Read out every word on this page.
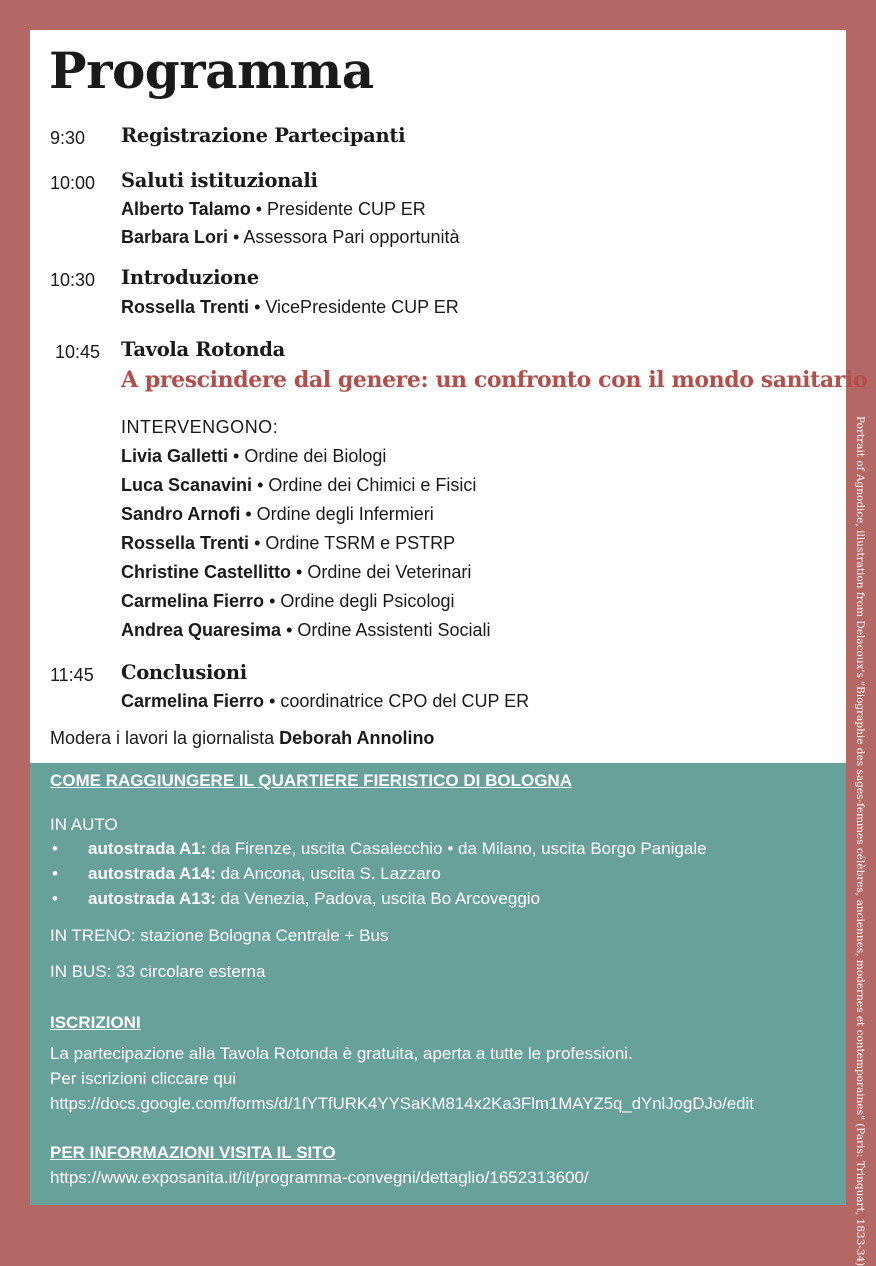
Programma
9:30 Registrazione Partecipanti
10:00 Saluti istituzionali
Alberto Talamo • Presidente CUP ER
Barbara Lori • Assessora Pari opportunità
10:30 Introduzione
Rossella Trenti • VicePresidente CUP ER
10:45 Tavola Rotonda
A prescindere dal genere: un confronto con il mondo sanitario
INTERVENGONO:
Livia Galletti • Ordine dei Biologi
Luca Scanavini • Ordine dei Chimici e Fisici
Sandro Arnofi • Ordine degli Infermieri
Rossella Trenti • Ordine TSRM e PSTRP
Christine Castellitto • Ordine dei Veterinari
Carmelina Fierro • Ordine degli Psicologi
Andrea Quaresima • Ordine Assistenti Sociali
11:45 Conclusioni
Carmelina Fierro • coordinatrice CPO del CUP ER
Modera i lavori la giornalista Deborah Annolino
COME RAGGIUNGERE IL QUARTIERE FIERISTICO DI BOLOGNA
IN AUTO
• autostrada A1: da Firenze, uscita Casalecchio • da Milano, uscita Borgo Panigale
• autostrada A14: da Ancona, uscita S. Lazzaro
• autostrada A13: da Venezia, Padova, uscita Bo Arcoveggio
IN TRENO: stazione Bologna Centrale + Bus
IN BUS: 33 circolare esterna
ISCRIZIONI
La partecipazione alla Tavola Rotonda è gratuita, aperta a tutte le professioni.
Per iscrizioni cliccare qui
https://docs.google.com/forms/d/1fYTfURK4YYSaKM814x2Ka3Flm1MAYZ5q_dYnlJogDJo/edit
PER INFORMAZIONI VISITA IL SITO
https://www.exposanita.it/it/programma-convegni/dettaglio/1652313600/	Portrait of Agnodice, illustration from Delacoux's "Biographie des sages-femmes célèbres, anciennes, modernes et contemporaines" (Paris: Trinquart, 1833-34)
